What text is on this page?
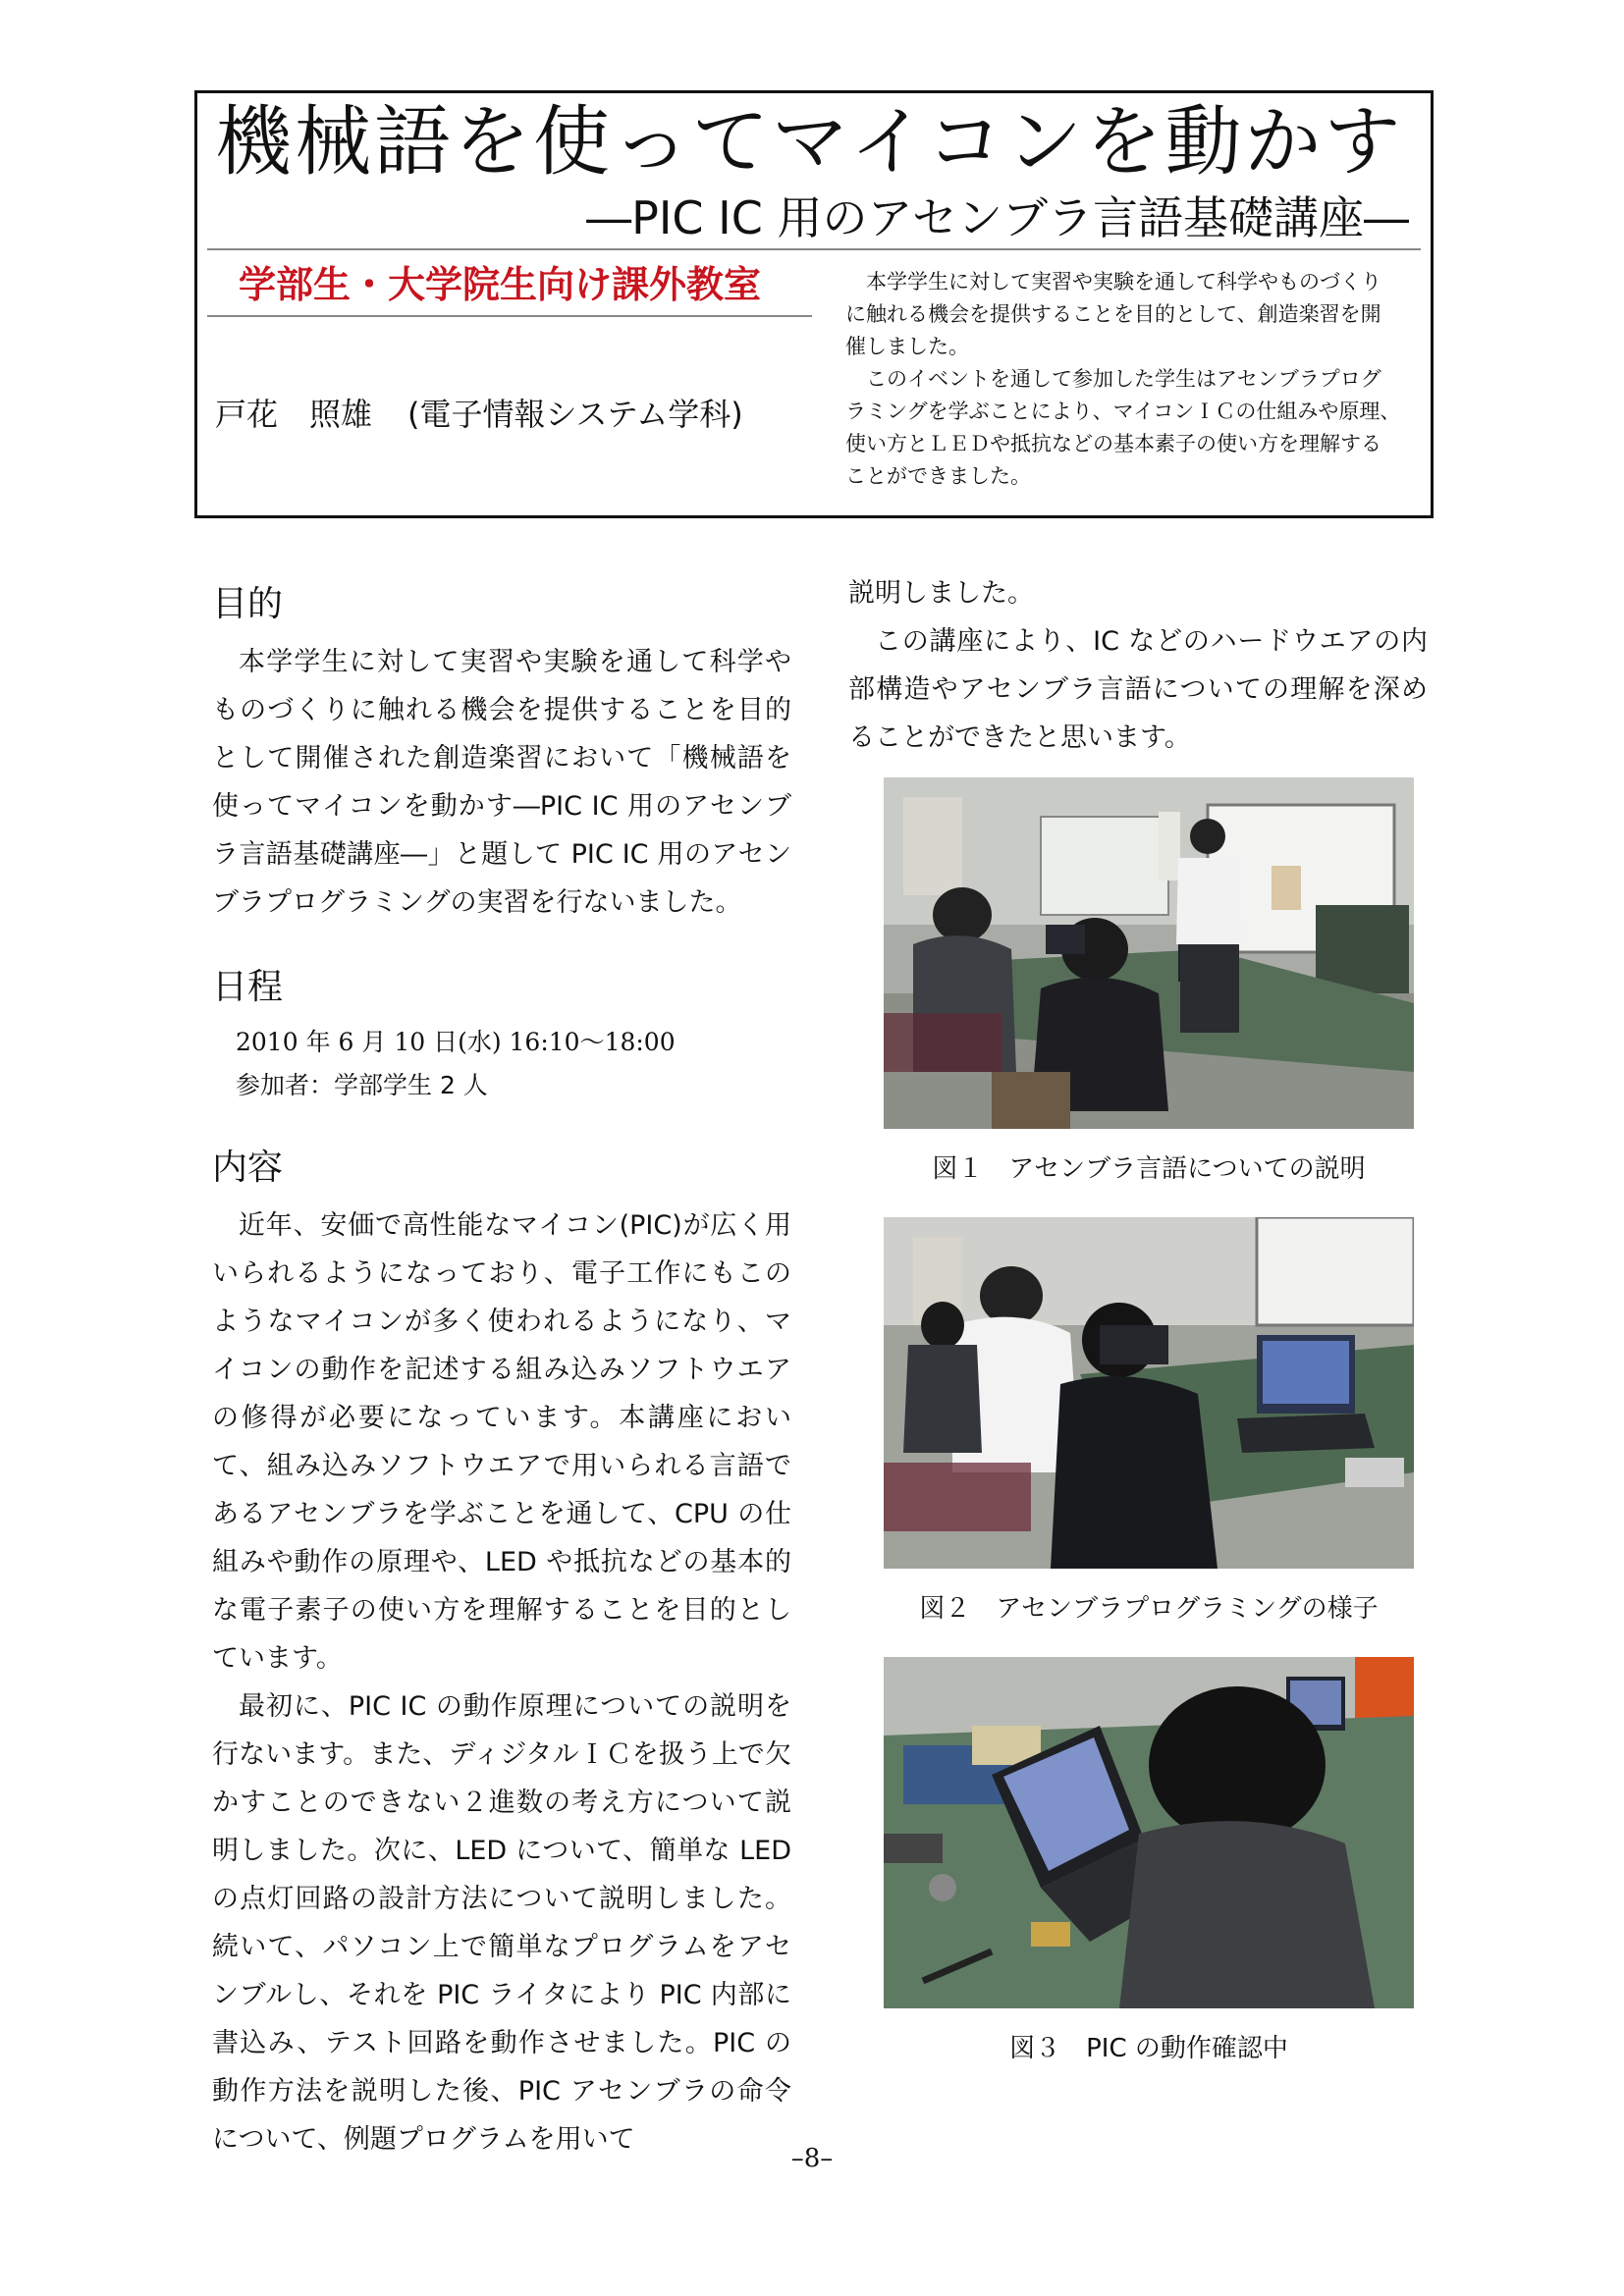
機械語を使ってマイコンを動かす
―PIC IC 用のアセンブラ言語基礎講座―
学部生・大学院生向け課外教室
戸花　照雄 (電子情報システム学科)

本学学生に対して実習や実験を通して科学やものづくりに触れる機会を提供することを目的として、創造楽習を開催しました。

このイベントを通して参加した学生はアセンブラプログラミングを学ぶことにより、マイコンＩＣの仕組みや原理、使い方とＬＥＤや抵抗などの基本素子の使い方を理解することができました。

目的

本学学生に対して実習や実験を通して科学やものづくりに触れる機会を提供することを目的として開催された創造楽習において「機械語を使ってマイコンを動かす―PIC IC 用のアセンブラ言語基礎講座―」と題して PIC IC 用のアセンブラプログラミングの実習を行ないました。

日程

2010 年 6 月 10 日(水) 16:10～18:00

参加者：学部学生 2 人

内容

近年、安価で高性能なマイコン(PIC)が広く用いられるようになっており、電子工作にもこのようなマイコンが多く使われるようになり、マイコンの動作を記述する組み込みソフトウエアの修得が必要になっています。本講座において、組み込みソフトウエアで用いられる言語であるアセンブラを学ぶことを通して、CPU の仕組みや動作の原理や、LED や抵抗などの基本的な電子素子の使い方を理解することを目的としています。

最初に、PIC IC の動作原理についての説明を行ないます。また、ディジタルＩＣを扱う上で欠かすことのできない２進数の考え方について説明しました。次に、LED について、簡単な LED の点灯回路の設計方法について説明しました。続いて、パソコン上で簡単なプログラムをアセンブルし、それを PIC ライタにより PIC 内部に書込み、テスト回路を動作させました。PIC の動作方法を説明した後、PIC アセンブラの命令について、例題プログラムを用いて

説明しました。

この講座により、IC などのハードウエアの内部構造やアセンブラ言語についての理解を深めることができたと思います。

図１　アセンブラ言語についての説明
図２　アセンブラプログラミングの様子
図３　PIC の動作確認中
–8–
